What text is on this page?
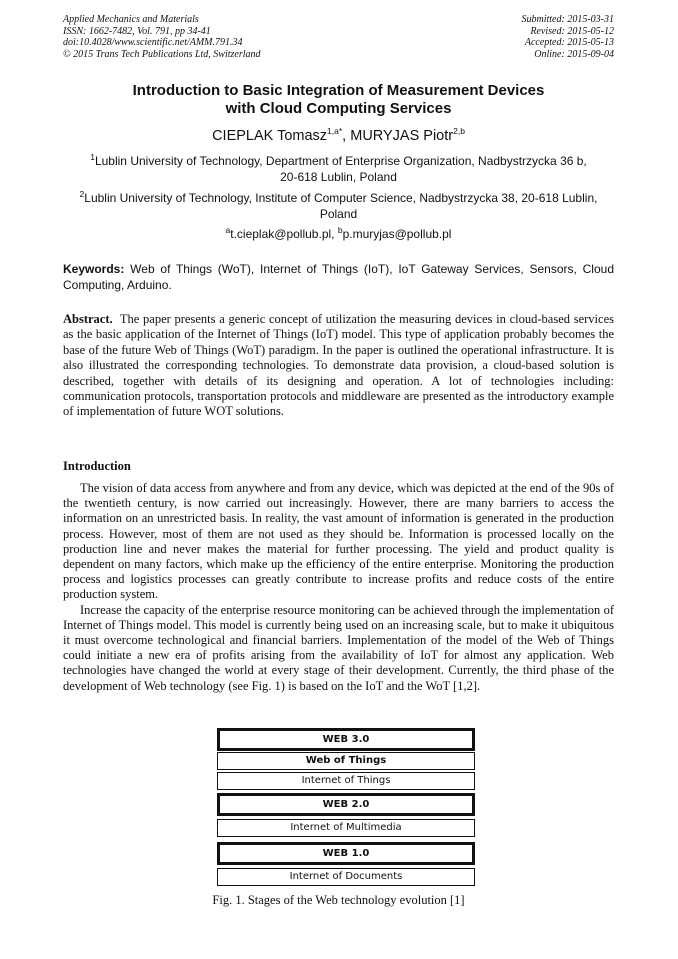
Applied Mechanics and Materials
ISSN: 1662-7482, Vol. 791, pp 34-41
doi:10.4028/www.scientific.net/AMM.791.34
© 2015 Trans Tech Publications Ltd, Switzerland
Submitted: 2015-03-31
Revised: 2015-05-12
Accepted: 2015-05-13
Online: 2015-09-04
Introduction to Basic Integration of Measurement Devices
with Cloud Computing Services
CIEPLAK Tomasz$^{1,a*}$, MURYJAS Piotr$^{2,b}$
$^1$Lublin University of Technology, Department of Enterprise Organization, Nadbystrzycka 36 b,
20-618 Lublin, Poland
$^2$Lublin University of Technology, Institute of Computer Science, Nadbystrzycka 38, 20-618 Lublin,
Poland
$^a$t.cieplak@pollub.pl, $^b$p.muryjas@pollub.pl
Keywords: Web of Things (WoT), Internet of Things (IoT), IoT Gateway Services, Sensors, Cloud Computing, Arduino.
Abstract. The paper presents a generic concept of utilization the measuring devices in cloud-based services as the basic application of the Internet of Things (IoT) model. This type of application probably becomes the base of the future Web of Things (WoT) paradigm. In the paper is outlined the operational infrastructure. It is also illustrated the corresponding technologies. To demonstrate data provision, a cloud-based solution is described, together with details of its designing and operation. A lot of technologies including: communication protocols, transportation protocols and middleware are presented as the introductory example of implementation of future WOT solutions.
Introduction

The vision of data access from anywhere and from any device, which was depicted at the end of the 90s of the twentieth century, is now carried out increasingly. However, there are many barriers to access the information on an unrestricted basis. In reality, the vast amount of information is generated in the production process. However, most of them are not used as they should be. Information is processed locally on the production line and never makes the material for further processing. The yield and product quality is dependent on many factors, which make up the efficiency of the entire enterprise. Monitoring the production process and logistics processes can greatly contribute to increase profits and reduce costs of the entire production system.

Increase the capacity of the enterprise resource monitoring can be achieved through the implementation of Internet of Things model. This model is currently being used on an increasing scale, but to make it ubiquitous it must overcome technological and financial barriers. Implementation of the model of the Web of Things could initiate a new era of profits arising from the availability of IoT for almost any application. Web technologies have changed the world at every stage of their development. Currently, the third phase of the development of Web technology (see Fig. 1) is based on the IoT and the WoT [1,2].

WEB 3.0
Web of Things
Internet of Things
WEB 2.0
Internet of Multimedia
WEB 1.0
Internet of Documents
Fig. 1. Stages of the Web technology evolution [1]
